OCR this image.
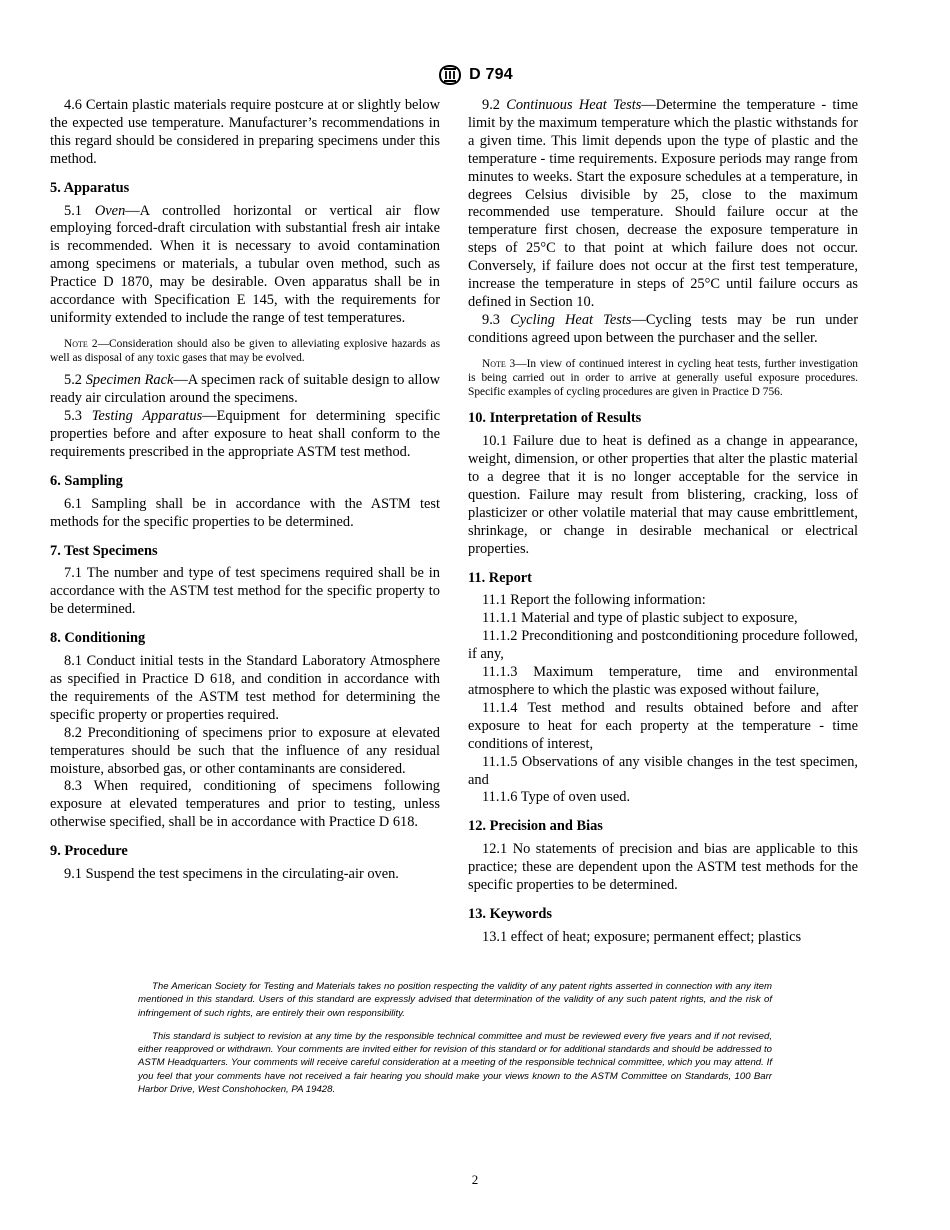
D 794

4.6 Certain plastic materials require postcure at or slightly below the expected use temperature. Manufacturer’s recommendations in this regard should be considered in preparing specimens under this method.

5. Apparatus

5.1 Oven—A controlled horizontal or vertical air flow employing forced-draft circulation with substantial fresh air intake is recommended. When it is necessary to avoid contamination among specimens or materials, a tubular oven method, such as Practice D 1870, may be desirable. Oven apparatus shall be in accordance with Specification E 145, with the requirements for uniformity extended to include the range of test temperatures.

Note 2—Consideration should also be given to alleviating explosive hazards as well as disposal of any toxic gases that may be evolved.

5.2 Specimen Rack—A specimen rack of suitable design to allow ready air circulation around the specimens.

5.3 Testing Apparatus—Equipment for determining specific properties before and after exposure to heat shall conform to the requirements prescribed in the appropriate ASTM test method.

6. Sampling

6.1 Sampling shall be in accordance with the ASTM test methods for the specific properties to be determined.

7. Test Specimens

7.1 The number and type of test specimens required shall be in accordance with the ASTM test method for the specific property to be determined.

8. Conditioning

8.1 Conduct initial tests in the Standard Laboratory Atmosphere as specified in Practice D 618, and condition in accordance with the requirements of the ASTM test method for determining the specific property or properties required.

8.2 Preconditioning of specimens prior to exposure at elevated temperatures should be such that the influence of any residual moisture, absorbed gas, or other contaminants are considered.

8.3 When required, conditioning of specimens following exposure at elevated temperatures and prior to testing, unless otherwise specified, shall be in accordance with Practice D 618.

9. Procedure

9.1 Suspend the test specimens in the circulating-air oven.

9.2 Continuous Heat Tests—Determine the temperature - time limit by the maximum temperature which the plastic withstands for a given time. This limit depends upon the type of plastic and the temperature - time requirements. Exposure periods may range from minutes to weeks. Start the exposure schedules at a temperature, in degrees Celsius divisible by 25, close to the maximum recommended use temperature. Should failure occur at the temperature first chosen, decrease the exposure temperature in steps of 25°C to that point at which failure does not occur. Conversely, if failure does not occur at the first test temperature, increase the temperature in steps of 25°C until failure occurs as defined in Section 10.

9.3 Cycling Heat Tests—Cycling tests may be run under conditions agreed upon between the purchaser and the seller.

Note 3—In view of continued interest in cycling heat tests, further investigation is being carried out in order to arrive at generally useful exposure procedures. Specific examples of cycling procedures are given in Practice D 756.
10. Interpretation of Results

10.1 Failure due to heat is defined as a change in appearance, weight, dimension, or other properties that alter the plastic material to a degree that it is no longer acceptable for the service in question. Failure may result from blistering, cracking, loss of plasticizer or other volatile material that may cause embrittlement, shrinkage, or change in desirable mechanical or electrical properties.

11. Report

11.1 Report the following information:

11.1.1 Material and type of plastic subject to exposure,

11.1.2 Preconditioning and postconditioning procedure followed, if any,

11.1.3 Maximum temperature, time and environmental atmosphere to which the plastic was exposed without failure,

11.1.4 Test method and results obtained before and after exposure to heat for each property at the temperature - time conditions of interest,

11.1.5 Observations of any visible changes in the test specimen, and

11.1.6 Type of oven used.

12. Precision and Bias

12.1 No statements of precision and bias are applicable to this practice; these are dependent upon the ASTM test methods for the specific properties to be determined.

13. Keywords

13.1 effect of heat; exposure; permanent effect; plastics

The American Society for Testing and Materials takes no position respecting the validity of any patent rights asserted in connection with any item mentioned in this standard. Users of this standard are expressly advised that determination of the validity of any such patent rights, and the risk of infringement of such rights, are entirely their own responsibility.

This standard is subject to revision at any time by the responsible technical committee and must be reviewed every five years and if not revised, either reapproved or withdrawn. Your comments are invited either for revision of this standard or for additional standards and should be addressed to ASTM Headquarters. Your comments will receive careful consideration at a meeting of the responsible technical committee, which you may attend. If you feel that your comments have not received a fair hearing you should make your views known to the ASTM Committee on Standards, 100 Barr Harbor Drive, West Conshohocken, PA 19428.

2
